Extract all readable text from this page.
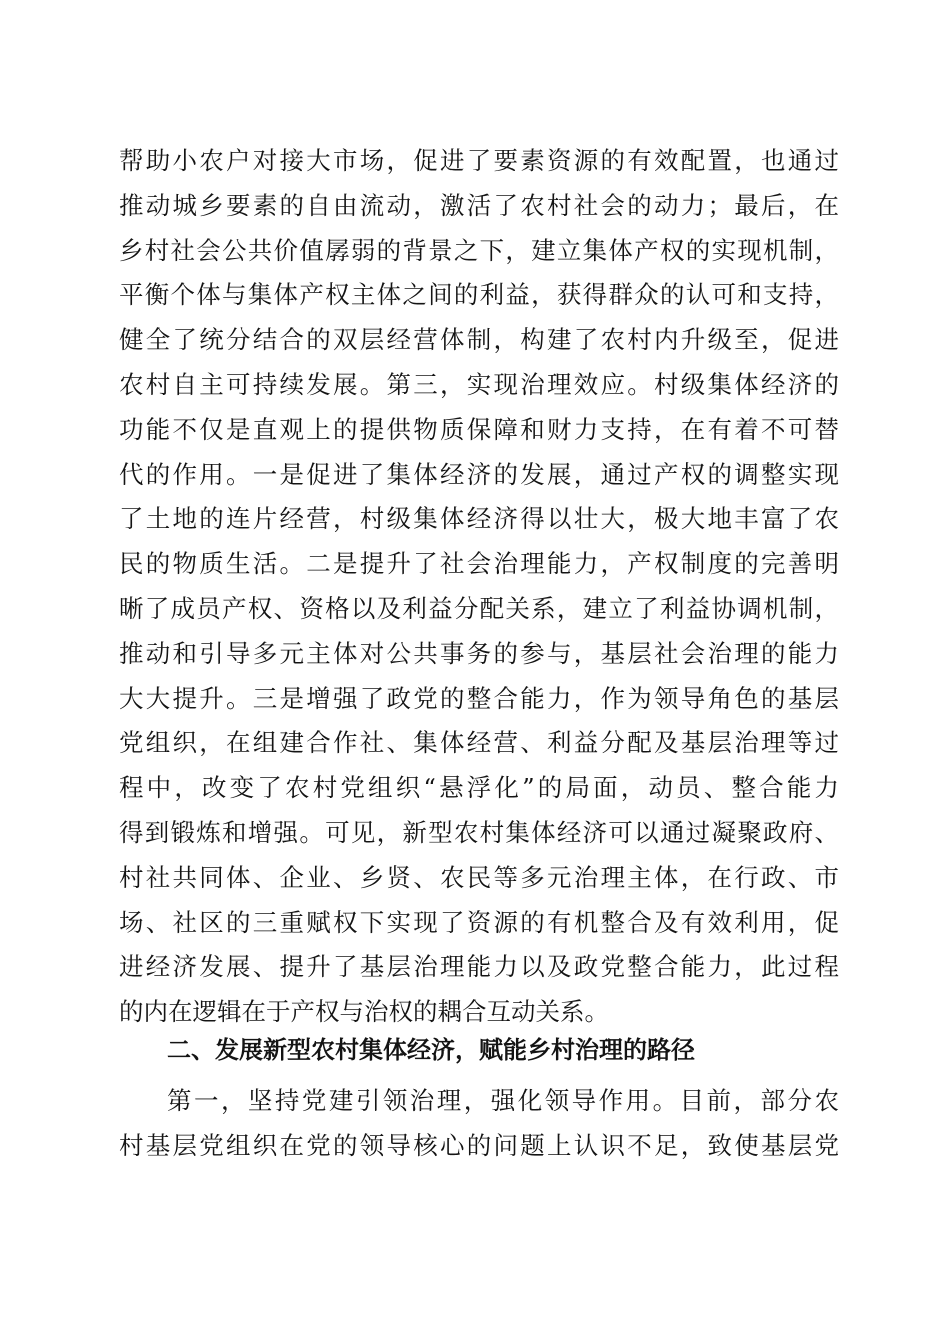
帮助小农户对接大市场，促进了要素资源的有效配置，也通过
推动城乡要素的自由流动，激活了农村社会的动力；最后，在
乡村社会公共价值孱弱的背景之下，建立集体产权的实现机制，
平衡个体与集体产权主体之间的利益，获得群众的认可和支持，
健全了统分结合的双层经营体制，构建了农村内升级至，促进
农村自主可持续发展。第三，实现治理效应。村级集体经济的
功能不仅是直观上的提供物质保障和财力支持，在有着不可替
代的作用。一是促进了集体经济的发展，通过产权的调整实现
了土地的连片经营，村级集体经济得以壮大，极大地丰富了农
民的物质生活。二是提升了社会治理能力，产权制度的完善明
晰了成员产权、资格以及利益分配关系，建立了利益协调机制，
推动和引导多元主体对公共事务的参与，基层社会治理的能力
大大提升。三是增强了政党的整合能力，作为领导角色的基层
党组织，在组建合作社、集体经营、利益分配及基层治理等过
程中，改变了农村党组织“悬浮化”的局面，动员、整合能力
得到锻炼和增强。可见，新型农村集体经济可以通过凝聚政府、
村社共同体、企业、乡贤、农民等多元治理主体，在行政、市
场、社区的三重赋权下实现了资源的有机整合及有效利用，促
进经济发展、提升了基层治理能力以及政党整合能力，此过程
的内在逻辑在于产权与治权的耦合互动关系。
二、发展新型农村集体经济，赋能乡村治理的路径
第一，坚持党建引领治理，强化领导作用。目前，部分农
村基层党组织在党的领导核心的问题上认识不足，致使基层党
